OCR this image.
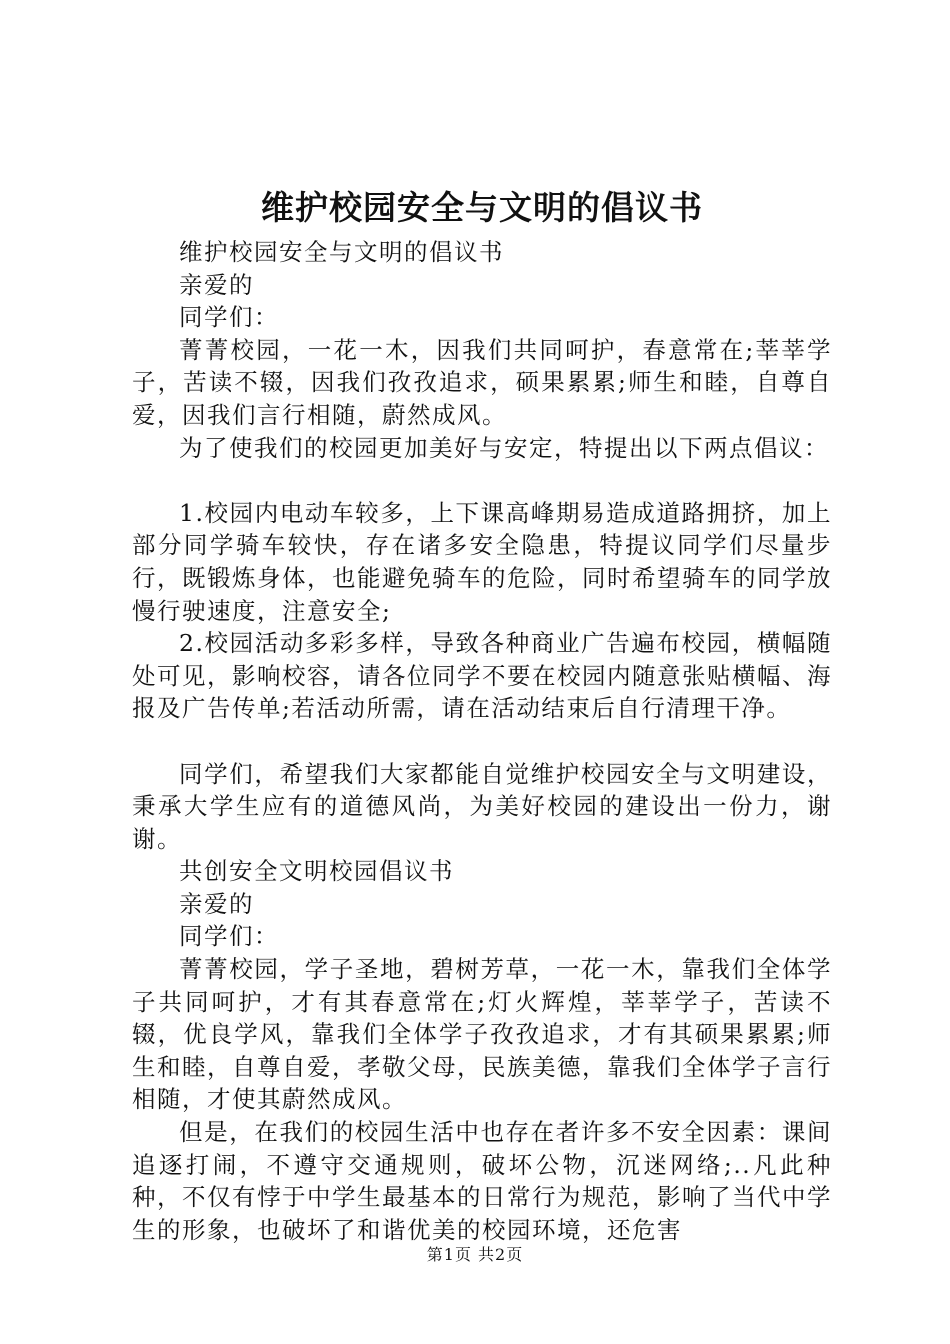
维护校园安全与文明的倡议书

维护校园安全与文明的倡议书

亲爱的

同学们：

菁菁校园，一花一木，因我们共同呵护，春意常在;莘莘学子，苦读不辍，因我们孜孜追求，硕果累累;师生和睦，自尊自爱，因我们言行相随，蔚然成风。

为了使我们的校园更加美好与安定，特提出以下两点倡议：

1.校园内电动车较多，上下课高峰期易造成道路拥挤，加上部分同学骑车较快，存在诸多安全隐患，特提议同学们尽量步行，既锻炼身体，也能避免骑车的危险，同时希望骑车的同学放慢行驶速度，注意安全;

2.校园活动多彩多样，导致各种商业广告遍布校园，横幅随处可见，影响校容，请各位同学不要在校园内随意张贴横幅、海报及广告传单;若活动所需，请在活动结束后自行清理干净。

同学们，希望我们大家都能自觉维护校园安全与文明建设，秉承大学生应有的道德风尚，为美好校园的建设出一份力，谢谢。

共创安全文明校园倡议书

亲爱的

同学们：

菁菁校园，学子圣地，碧树芳草，一花一木，靠我们全体学子共同呵护，才有其春意常在;灯火辉煌，莘莘学子，苦读不辍，优良学风，靠我们全体学子孜孜追求，才有其硕果累累;师生和睦，自尊自爱，孝敬父母，民族美德，靠我们全体学子言行相随，才使其蔚然成风。

但是，在我们的校园生活中也存在者许多不安全因素：课间追逐打闹，不遵守交通规则，破坏公物，沉迷网络;..凡此种种，不仅有悖于中学生最基本的日常行为规范，影响了当代中学生的形象，也破坏了和谐优美的校园环境，还危害

第1页 共2页
